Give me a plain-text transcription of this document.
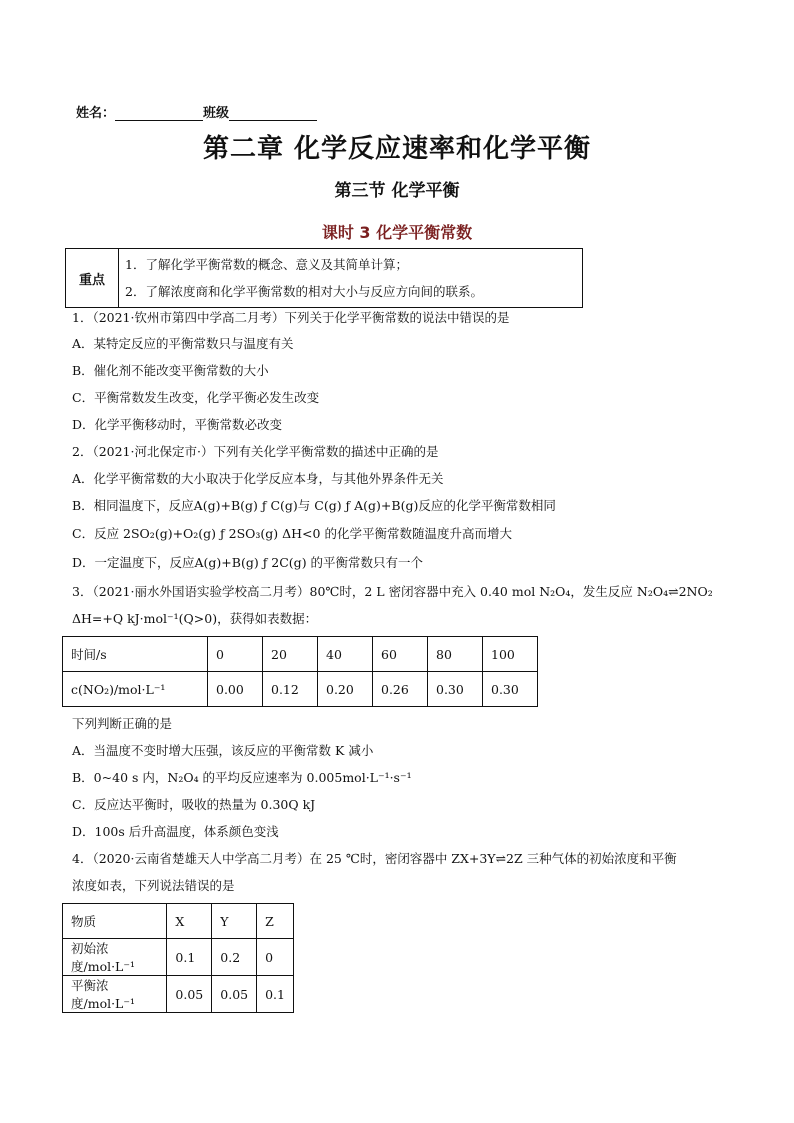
姓名：	班级
第二章 化学反应速率和化学平衡
第三节 化学平衡
课时 3 化学平衡常数
重点
1．了解化学平衡常数的概念、意义及其简单计算；
2．了解浓度商和化学平衡常数的相对大小与反应方向间的联系。
1．（2021·钦州市第四中学高二月考）下列关于化学平衡常数的说法中错误的是
A．某特定反应的平衡常数只与温度有关
B．催化剂不能改变平衡常数的大小
C．平衡常数发生改变，化学平衡必发生改变
D．化学平衡移动时，平衡常数必改变
2．（2021·河北保定市·）下列有关化学平衡常数的描述中正确的是
A．化学平衡常数的大小取决于化学反应本身，与其他外界条件无关
B．相同温度下，反应A(g)+B(g) ƒ C(g)与 C(g) ƒ A(g)+B(g)反应的化学平衡常数相同
C．反应 2SO₂(g)+O₂(g) ƒ 2SO₃(g) ΔH<0 的化学平衡常数随温度升高而增大
D．一定温度下，反应A(g)+B(g) ƒ 2C(g) 的平衡常数只有一个
3．（2021·丽水外国语实验学校高二月考）80℃时，2 L 密闭容器中充入 0.40 mol N₂O₄，发生反应 N₂O₄⇌2NO₂
ΔH=+Q kJ·mol⁻¹(Q>0)，获得如表数据：
时间/s	0	20	40	60	80	100
c(NO₂)/mol·L⁻¹	0.00	0.12	0.20	0.26	0.30	0.30
下列判断正确的是
A．当温度不变时增大压强，该反应的平衡常数 K 减小
B．0~40 s 内，N₂O₄ 的平均反应速率为 0.005mol·L⁻¹·s⁻¹
C．反应达平衡时，吸收的热量为 0.30Q kJ
D．100s 后升高温度，体系颜色变浅
4．（2020·云南省楚雄天人中学高二月考）在 25 ℃时，密闭容器中 ZX+3Y⇌2Z 三种气体的初始浓度和平衡
浓度如表，下列说法错误的是
物质	X	Y	Z
初始浓度/mol·L⁻¹	0.1	0.2	0
平衡浓度/mol·L⁻¹	0.05	0.05	0.1
